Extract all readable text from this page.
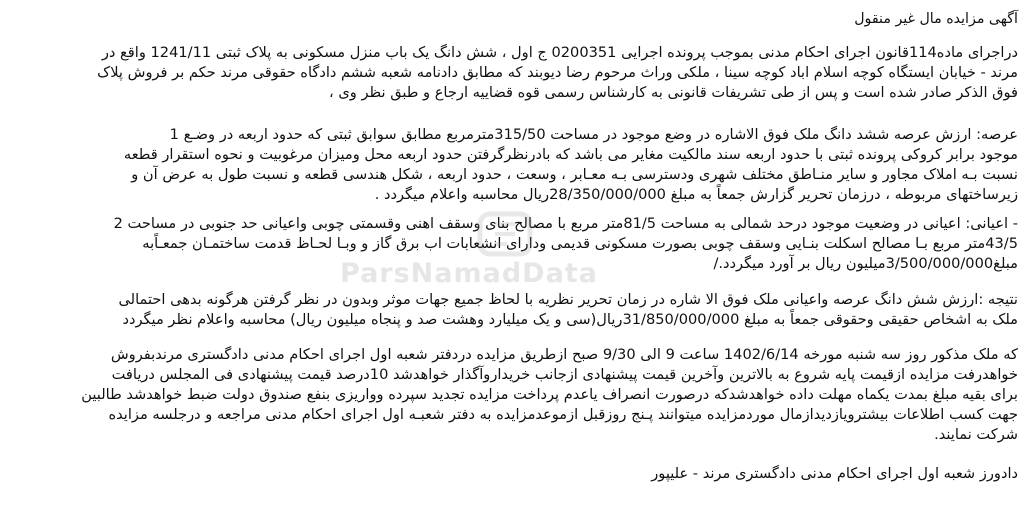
آگهی مزایده مال غیر منقول
دراجرای ماده114قانون اجرای احکام مدنی بموجب پرونده اجرایی 0200351 ج اول ، شش دانگ یک باب منزل مسکونی به پلاک ثبتی 1241/11 واقع در
مرند - خیابان ایستگاه کوچه اسلام اباد کوچه سینا ، ملکی وراث مرحوم رضا دیوبند که مطابق دادنامه شعبه ششم دادگاه حقوقی مرند حکم بر فروش پلاک
فوق الذکر صادر شده است و پس از طی تشریفات قانونی به کارشناس رسمی قوه قضاییه ارجاع و طبق نظر وی ،
عرصه: ارزش عرصه ششد دانگ ملک فوق الاشاره در وضع موجود در مساحت 315/50مترمربع مطابق سوابق ثبتی که حدود اربعه در وضـع 1
موجود برابر کروکی پرونده ثبتی با حدود اربعه سند مالکیت مغایر می باشد که بادرنظرگرفتن حدود اربعه محل ومیزان مرغوبیت و نحوه استقرار قطعه
نسبت بـه املاک مجاور و سایر منـاطق مختلف شهری ودسترسی بـه معـابر ، وسعت ، حدود اربعه ، شکل هندسی قطعه و نسبت طول به عرض آن و
زیرساختهای مربوطه ، درزمان تحریر گزارش جمعاً به مبلغ 28/350/000/000ریال محاسبه واعلام میگردد .
- اعیانی: اعیانی در وضعیت موجود درحد شمالی به مساحت 81/5متر مربع با مصالح بنای وسقف اهنی وقسمتی چوبی واعیانی حد جنوبی در مساحت 2
43/5متر مربع بـا مصالح اسکلت بنـایی وسقف چوبی بصورت مسکونی قدیمی ودارای انشعابات اب برق گاز و وبـا لحـاظ قدمت ساختمـان جمعـاًبه
مبلغ3/500/000/000میلیون ریال بر آورد میگردد./
نتیجه :ارزش شش دانگ عرصه واعیانی ملک فوق الا شاره در زمان تحریر نظریه با لحاظ جمیع جهات موثر وبدون در نظر گرفتن هرگونه بدهی احتمالی
ملک به اشخاص حقیقی وحقوقی جمعاً به مبلغ 31/850/000/000ریال(سی و یک میلیارد وهشت صد و پنجاه میلیون ریال) محاسبه واعلام نظر میگردد
که ملک مذکور روز سه شنبه مورخه 1402/6/14 ساعت 9 الی 9/30 صبح ازطریق مزایده دردفتر شعبه اول اجرای احکام مدنی دادگستری مرندبفروش
خواهدرفت مزایده ازقیمت پایه شروع به بالاترین وآخرین قیمت پیشنهادی ازجانب خریداروآگذار خواهدشد 10درصد قیمت پیشنهادی فی المجلس دریافت
برای بقیه مبلغ بمدت یکماه مهلت داده خواهدشدکه درصورت انصراف یاعدم پرداخت مزایده تجدید سپرده وواریزی بنفع صندوق دولت ضبط خواهدشد طالبین
جهت کسب اطلاعات بیشترویازدیدازمال موردمزایده میتوانند پـنج روزقبل ازموعدمزایده به دفتر شعبـه اول اجرای احکام مدنی مراجعه و درجلسه مزایده
شرکت نمایند.
دادورز شعبه اول اجرای احکام مدنی دادگستری مرند - علیپور
ParsNamadData
